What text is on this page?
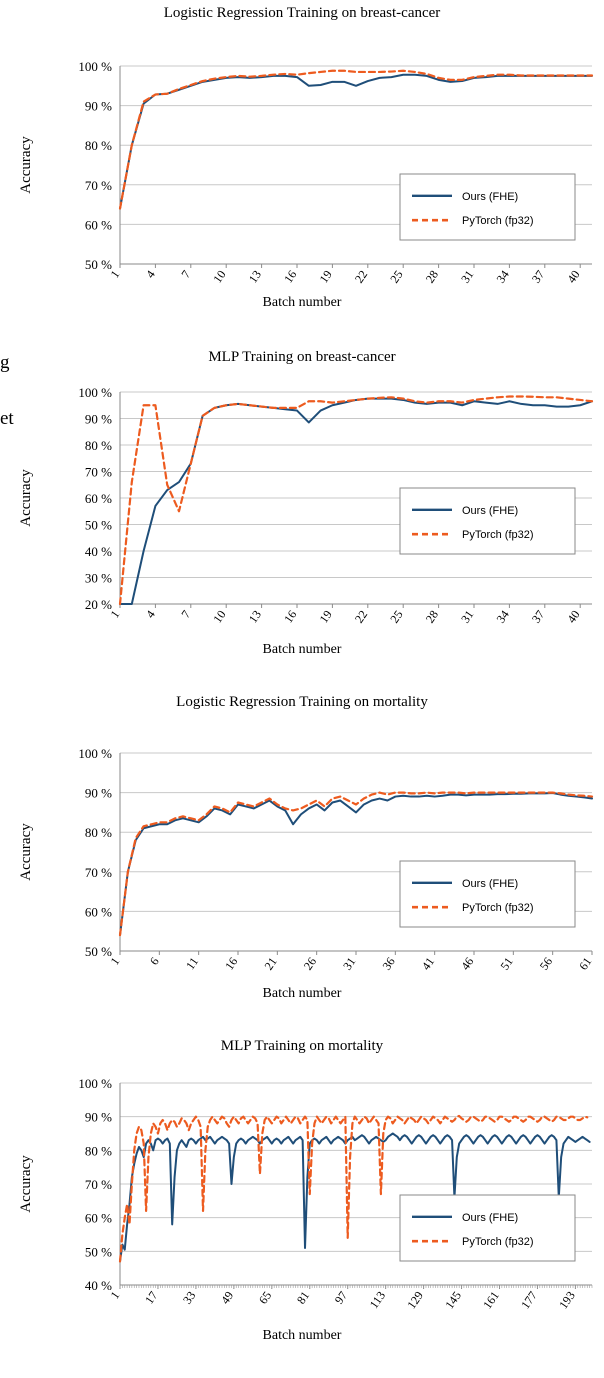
g
et
Logistic Regression Training on breast-cancer
50 %
60 %
70 %
80 %
90 %
100 %
1 4 7 10 13 16 19 22 25 28 31 34 37 40
Ours (FHE)
PyTorch (fp32)
Accuracy
Batch number
MLP Training on breast-cancer
20 %
30 %
40 %
50 %
60 %
70 %
80 %
90 %
100 %
1 4 7 10 13 16 19 22 25 28 31 34 37 40
Ours (FHE)
PyTorch (fp32)
Accuracy
Batch number
Logistic Regression Training on mortality
50 %
60 %
70 %
80 %
90 %
100 %
1 6 11 16 21 26 31 36 41 46 51 56 61
Ours (FHE)
PyTorch (fp32)
Accuracy
Batch number
MLP Training on mortality
40 %
50 %
60 %
70 %
80 %
90 %
100 %
1 17 33 49 65 81 97 113 129 145 161 177 193
Ours (FHE)
PyTorch (fp32)
Accuracy
Batch number
